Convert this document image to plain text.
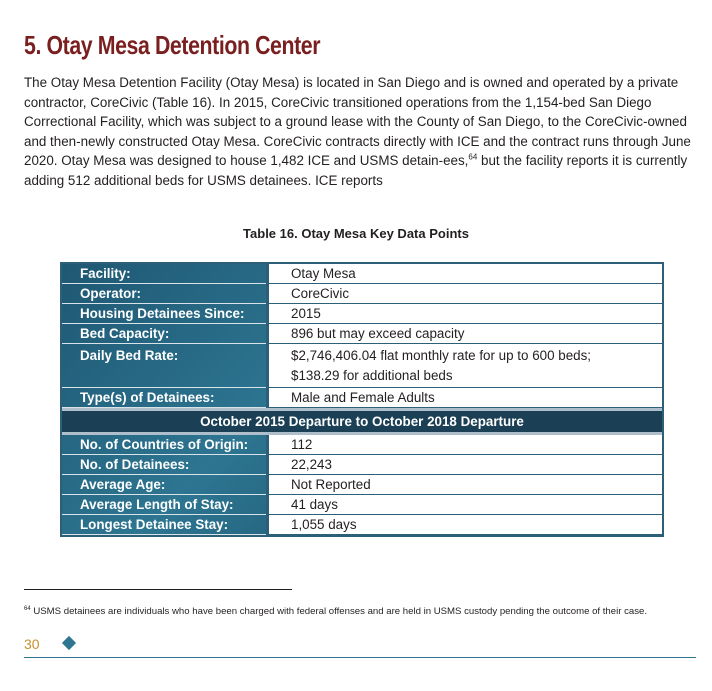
5. Otay Mesa Detention Center

The Otay Mesa Detention Facility (Otay Mesa) is located in San Diego and is owned and operated by a private contractor, CoreCivic (Table 16). In 2015, CoreCivic transitioned operations from the 1,154-bed San Diego Correctional Facility, which was subject to a ground lease with the County of San Diego, to the CoreCivic-owned and then-newly constructed Otay Mesa. CoreCivic contracts directly with ICE and the contract runs through June 2020. Otay Mesa was designed to house 1,482 ICE and USMS detain-ees,$^{64}$ but the facility reports it is currently adding 512 additional beds for USMS detainees. ICE reports

Table 16. Otay Mesa Key Data Points
Facility:	Otay Mesa
Operator:	CoreCivic
Housing Detainees Since:	2015
Bed Capacity:	896 but may exceed capacity
Daily Bed Rate:	$2,746,406.04 flat monthly rate for up to 600 beds;
$138.29 for additional beds
Type(s) of Detainees:	Male and Female Adults
October 2015 Departure to October 2018 Departure
No. of Countries of Origin:	112
No. of Detainees:	22,243
Average Age:	Not Reported
Average Length of Stay:	41 days
Longest Detainee Stay:	1,055 days
$^{64}$ USMS detainees are individuals who have been charged with federal offenses and are held in USMS custody pending the outcome of their case.
30
